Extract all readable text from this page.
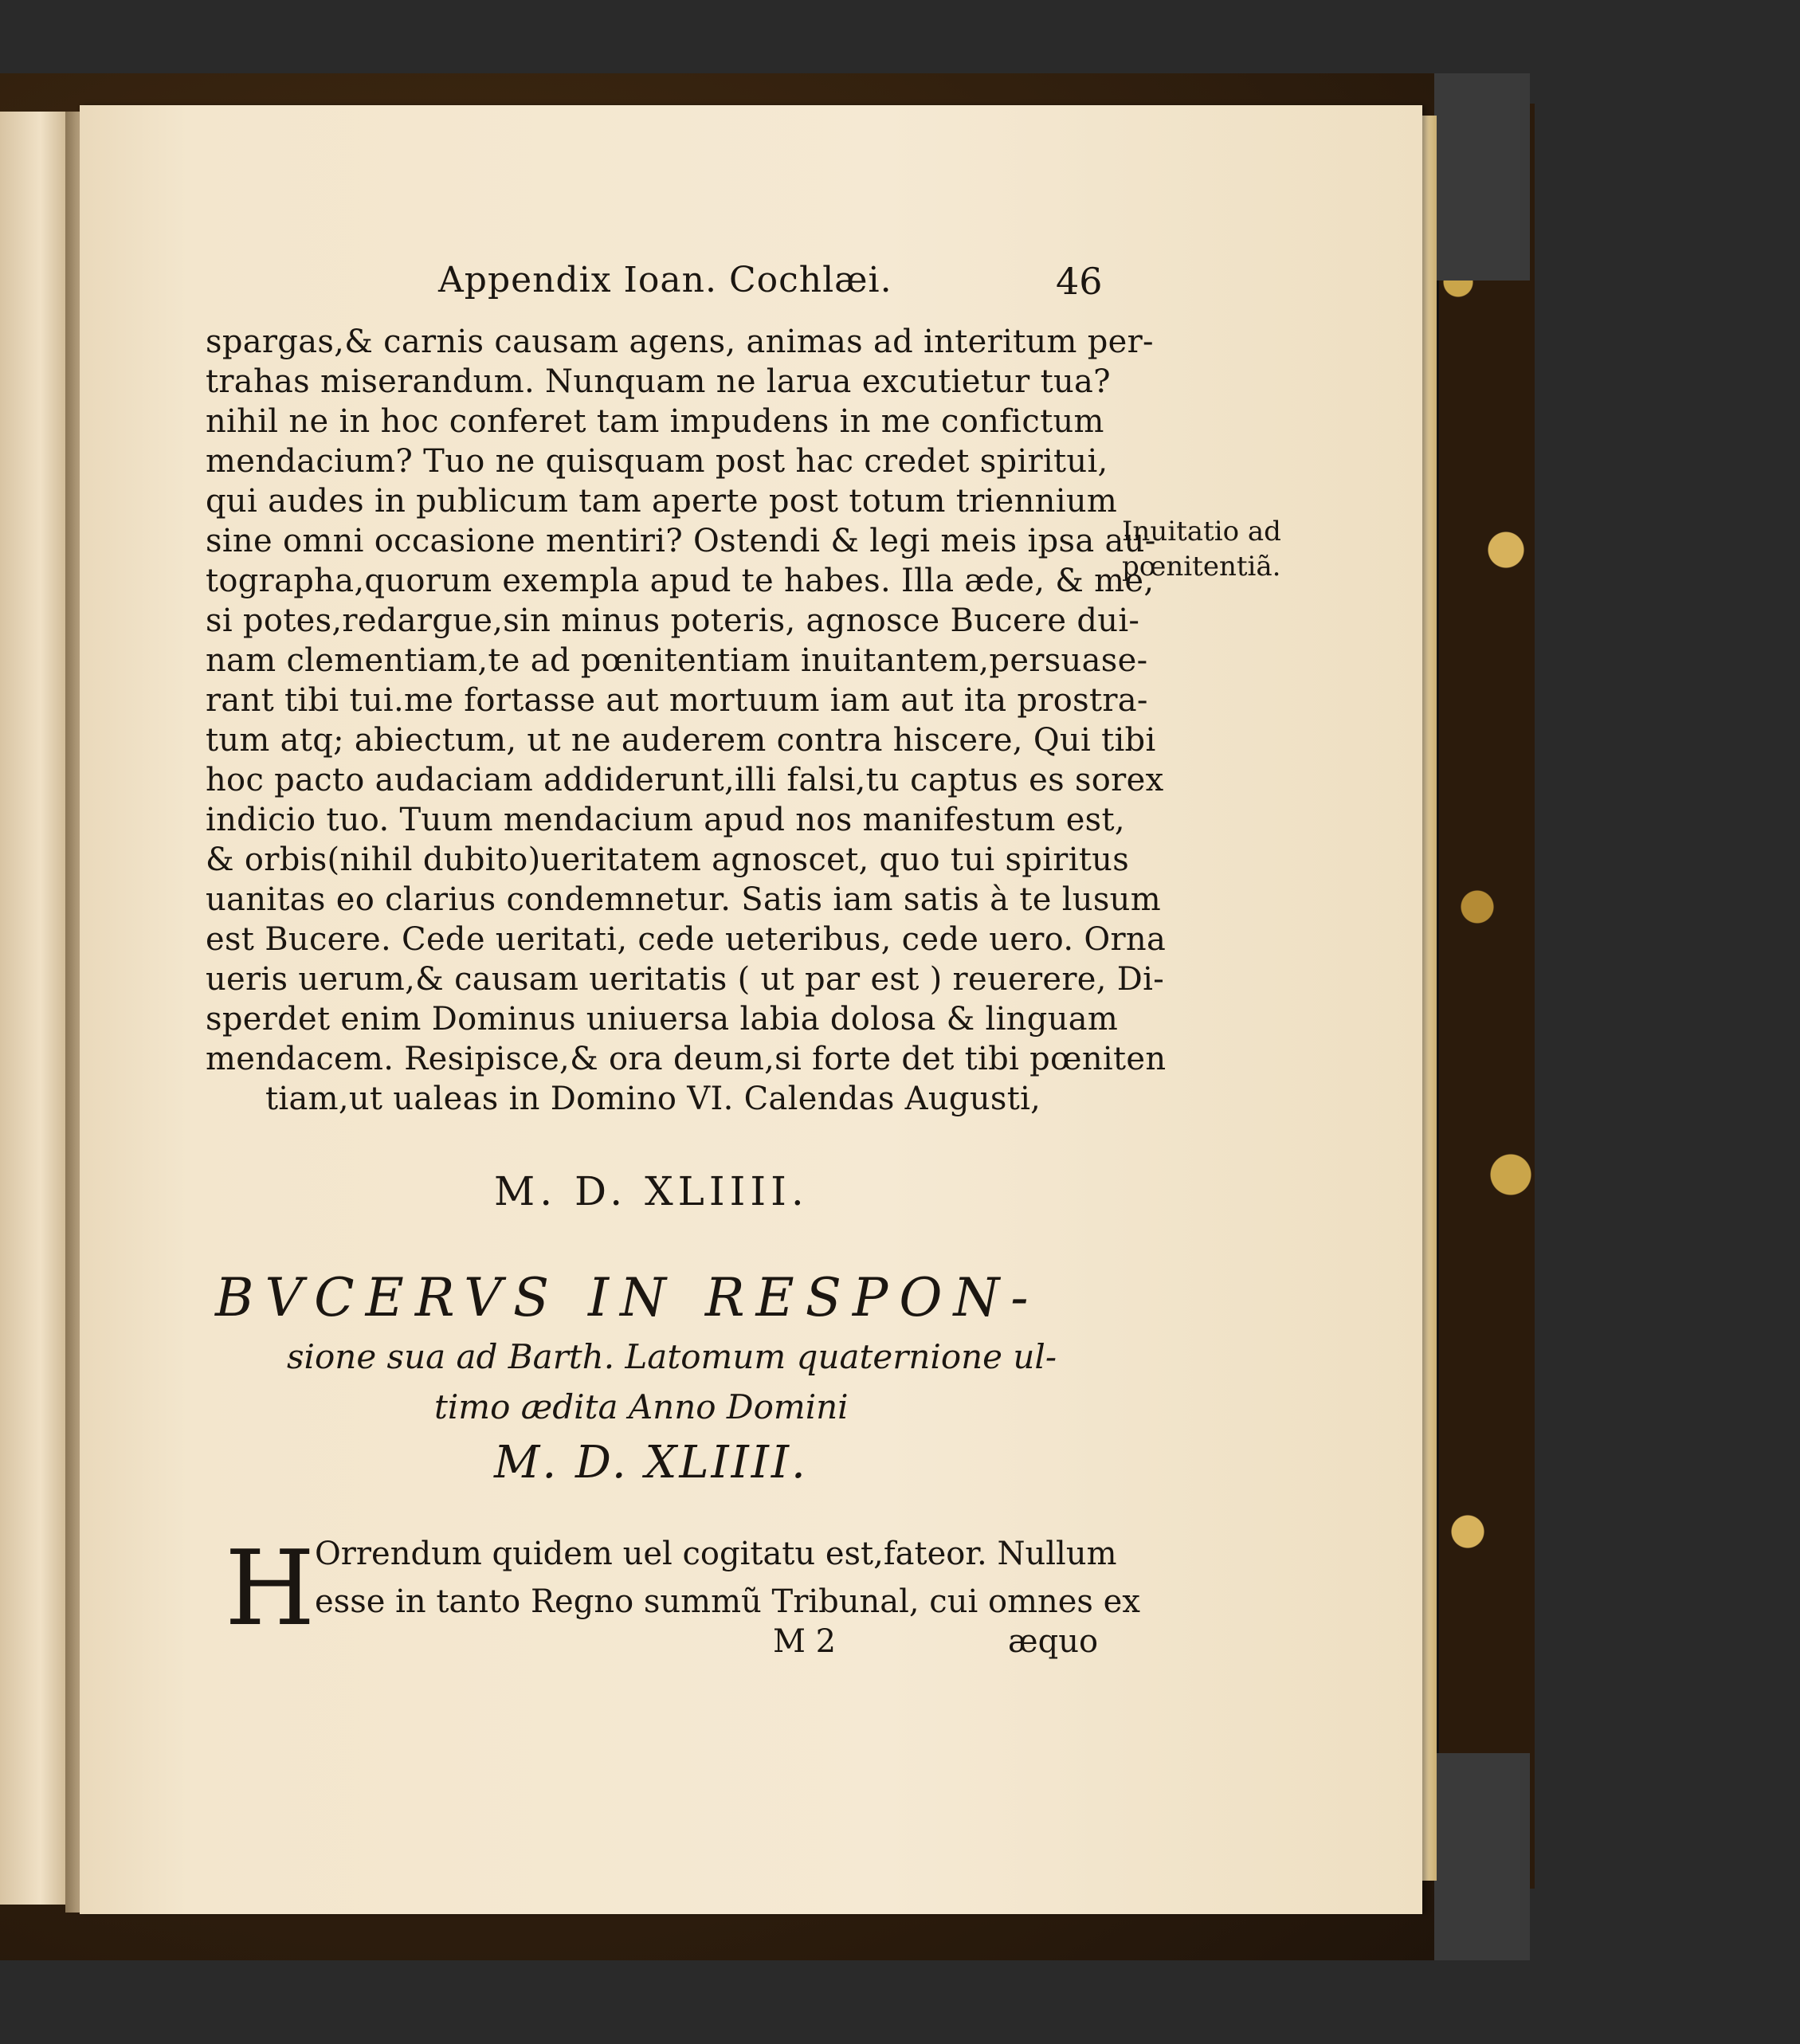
Appendix Ioan. Cochlæi.	46
spargas,& carnis causam agens, animas ad interitum per-
trahas miserandum. Nunquam ne larua excutietur tua?
nihil ne in hoc conferet tam impudens in me confictum
mendacium? Tuo ne quisquam post hac credet spiritui,
qui audes in publicum tam aperte post totum triennium
sine omni occasione mentiri? Ostendi & legi meis ipsa au-
tographa,quorum exempla apud te habes. Illa æde, & me,
si potes,redargue,sin minus poteris, agnosce Bucere dui-
nam clementiam,te ad pœnitentiam inuitantem,persuase-
rant tibi tui.me fortasse aut mortuum iam aut ita prostra-
tum atq; abiectum, ut ne auderem contra hiscere, Qui tibi
hoc pacto audaciam addiderunt,illi falsi,tu captus es sorex
indicio tuo. Tuum mendacium apud nos manifestum est,
& orbis(nihil dubito)ueritatem agnoscet, quo tui spiritus
uanitas eo clarius condemnetur. Satis iam satis à te lusum
est Bucere. Cede ueritati, cede ueteribus, cede uero. Orna
ueris uerum,& causam ueritatis ( ut par est ) reuerere, Di-
sperdet enim Dominus uniuersa labia dolosa & linguam
mendacem. Resipisce,& ora deum,si forte det tibi pœniten
tiam,ut ualeas in Domino VI. Calendas Augusti,
Inuitatio ad
pœnitentiã.
M. D. XLIIII.
BVCERVS IN RESPON-
sione sua ad Barth. Latomum quaternione ul-
timo ædita Anno Domini
M. D. XLIIII.
H Orrendum quidem uel cogitatu est,fateor. Nullum
esse in tanto Regno summũ Tribunal, cui omnes ex
M 2	æquo
